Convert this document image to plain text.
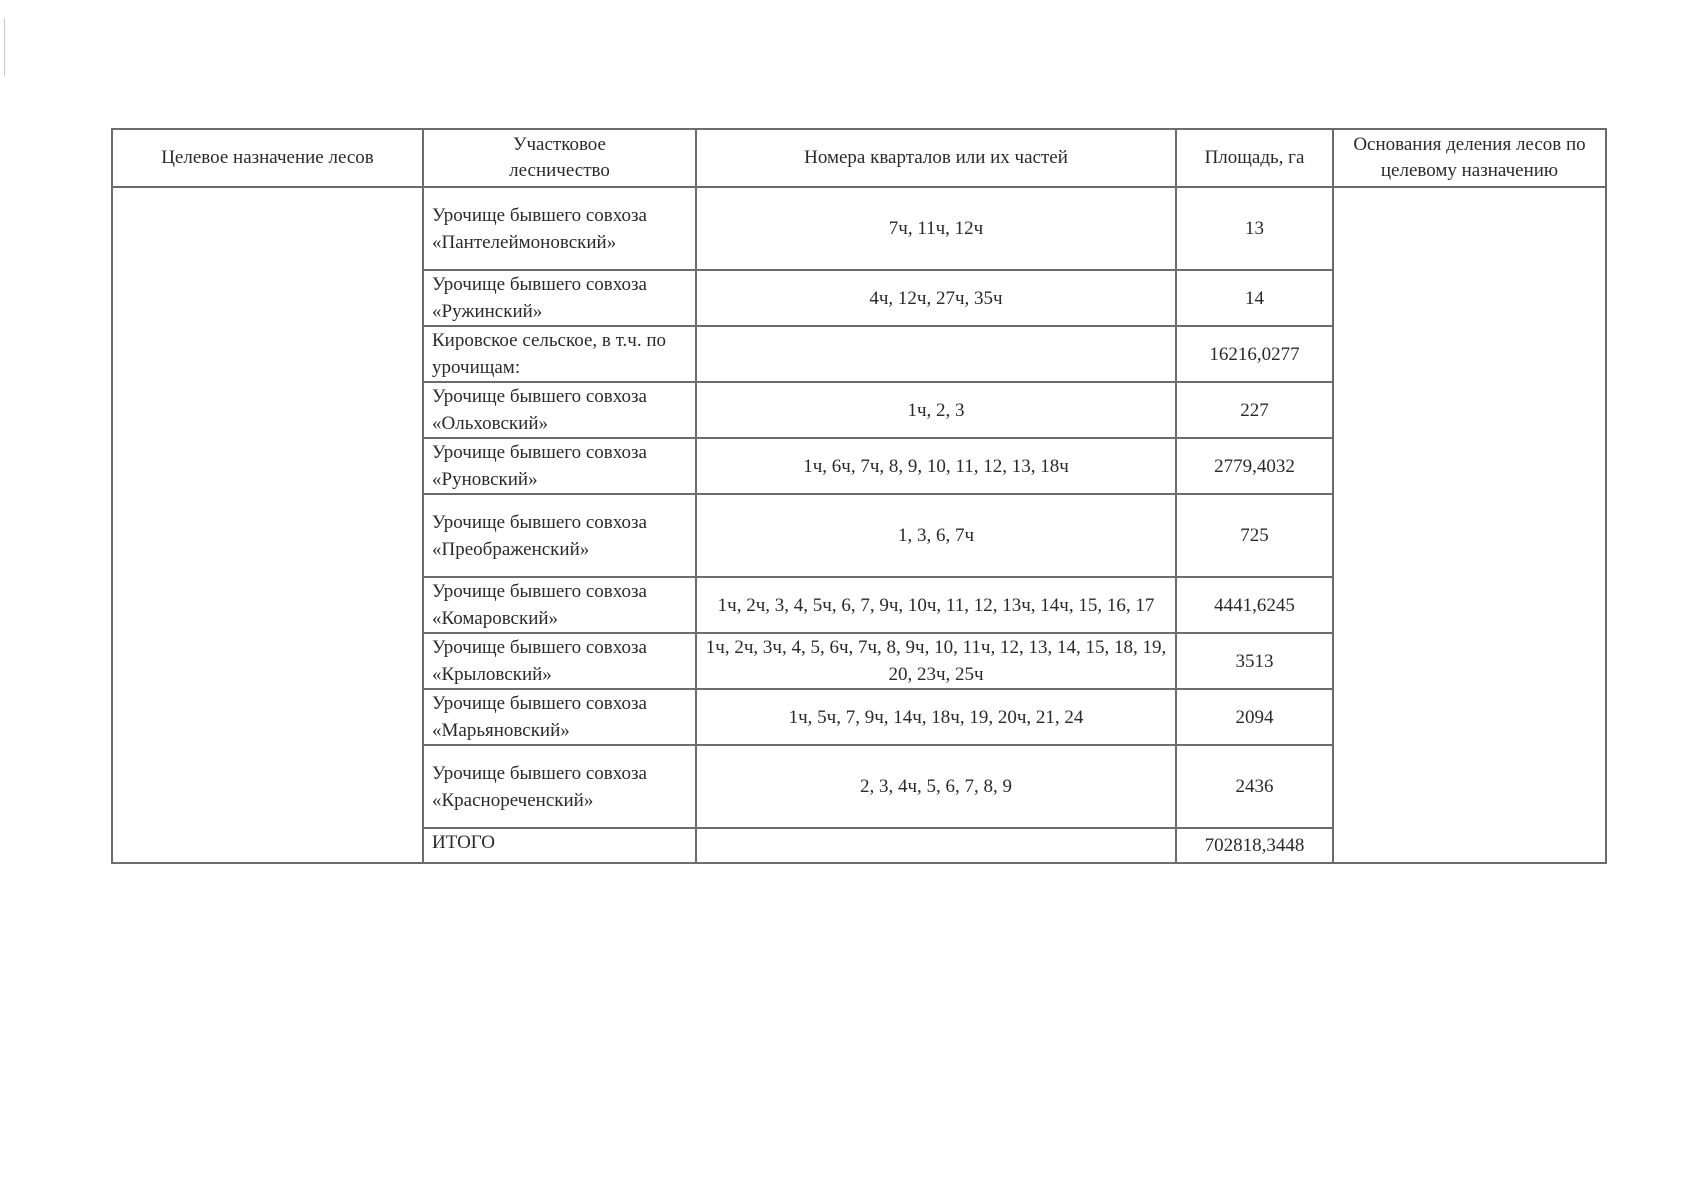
Целевое назначение лесов	Участковое лесничество	Номера кварталов или их частей	Площадь, га	Основания деления лесов по целевому назначению
	Урочище бывшего совхоза «Пантелеймоновский»	7ч, 11ч, 12ч	13	
	Урочище бывшего совхоза «Ружинский»	4ч, 12ч, 27ч, 35ч	14	
	Кировское сельское, в т.ч. по урочищам:		16216,0277	
	Урочище бывшего совхоза «Ольховский»	1ч, 2, 3	227	
	Урочище бывшего совхоза «Руновский»	1ч, 6ч, 7ч, 8, 9, 10, 11, 12, 13, 18ч	2779,4032	
	Урочище бывшего совхоза «Преображенский»	1, 3, 6, 7ч	725	
	Урочище бывшего совхоза «Комаровский»	1ч, 2ч, 3, 4, 5ч, 6, 7, 9ч, 10ч, 11, 12, 13ч, 14ч, 15, 16, 17	4441,6245	
	Урочище бывшего совхоза «Крыловский»	1ч, 2ч, 3ч, 4, 5, 6ч, 7ч, 8, 9ч, 10, 11ч, 12, 13, 14, 15, 18, 19, 20, 23ч, 25ч	3513	
	Урочище бывшего совхоза «Марьяновский»	1ч, 5ч, 7, 9ч, 14ч, 18ч, 19, 20ч, 21, 24	2094	
	Урочище бывшего совхоза «Краснореченский»	2, 3, 4ч, 5, 6, 7, 8, 9	2436	
	ИТОГО		702818,3448	
